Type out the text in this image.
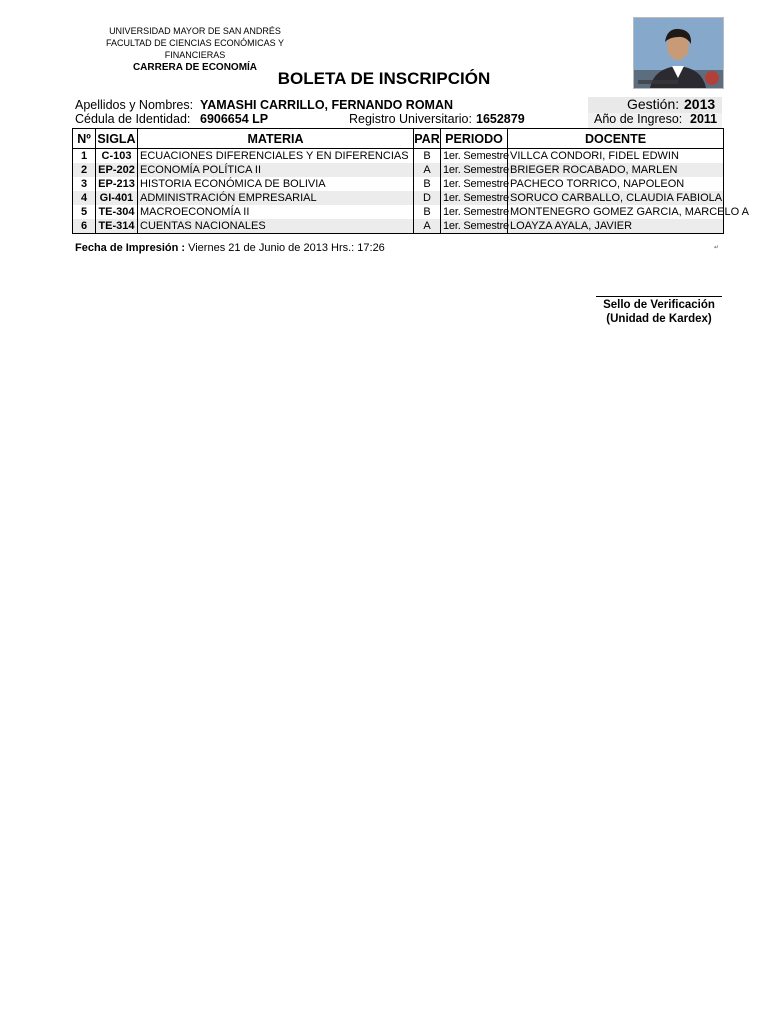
UNIVERSIDAD MAYOR DE SAN ANDRÉS
FACULTAD DE CIENCIAS ECONÓMICAS Y FINANCIERAS
CARRERA DE ECONOMÍA
BOLETA DE INSCRIPCIÓN
Apellidos y Nombres: YAMASHI CARRILLO, FERNANDO ROMAN	Gestión: 2013
Cédula de Identidad: 6906654 LP	Registro Universitario: 1652879	Año de Ingreso: 2011
Nº	SIGLA	MATERIA	PAR	PERIODO	DOCENTE
1	C-103	ECUACIONES DIFERENCIALES Y EN DIFERENCIAS	B	1er. Semestre	VILLCA CONDORI, FIDEL EDWIN
2	EP-202	ECONOMÍA POLÍTICA II	A	1er. Semestre	BRIEGER ROCABADO, MARLEN
3	EP-213	HISTORIA ECONÓMICA DE BOLIVIA	B	1er. Semestre	PACHECO TORRICO, NAPOLEON
4	GI-401	ADMINISTRACIÓN EMPRESARIAL	D	1er. Semestre	SORUCO CARBALLO, CLAUDIA FABIOLA
5	TE-304	MACROECONOMÍA II	B	1er. Semestre	MONTENEGRO GOMEZ GARCIA, MARCELO A
6	TE-314	CUENTAS NACIONALES	A	1er. Semestre	LOAYZA AYALA, JAVIER
Fecha de Impresión : Viernes 21 de Junio de 2013 Hrs.: 17:26	↵
Sello de Verificación
(Unidad de Kardex)
